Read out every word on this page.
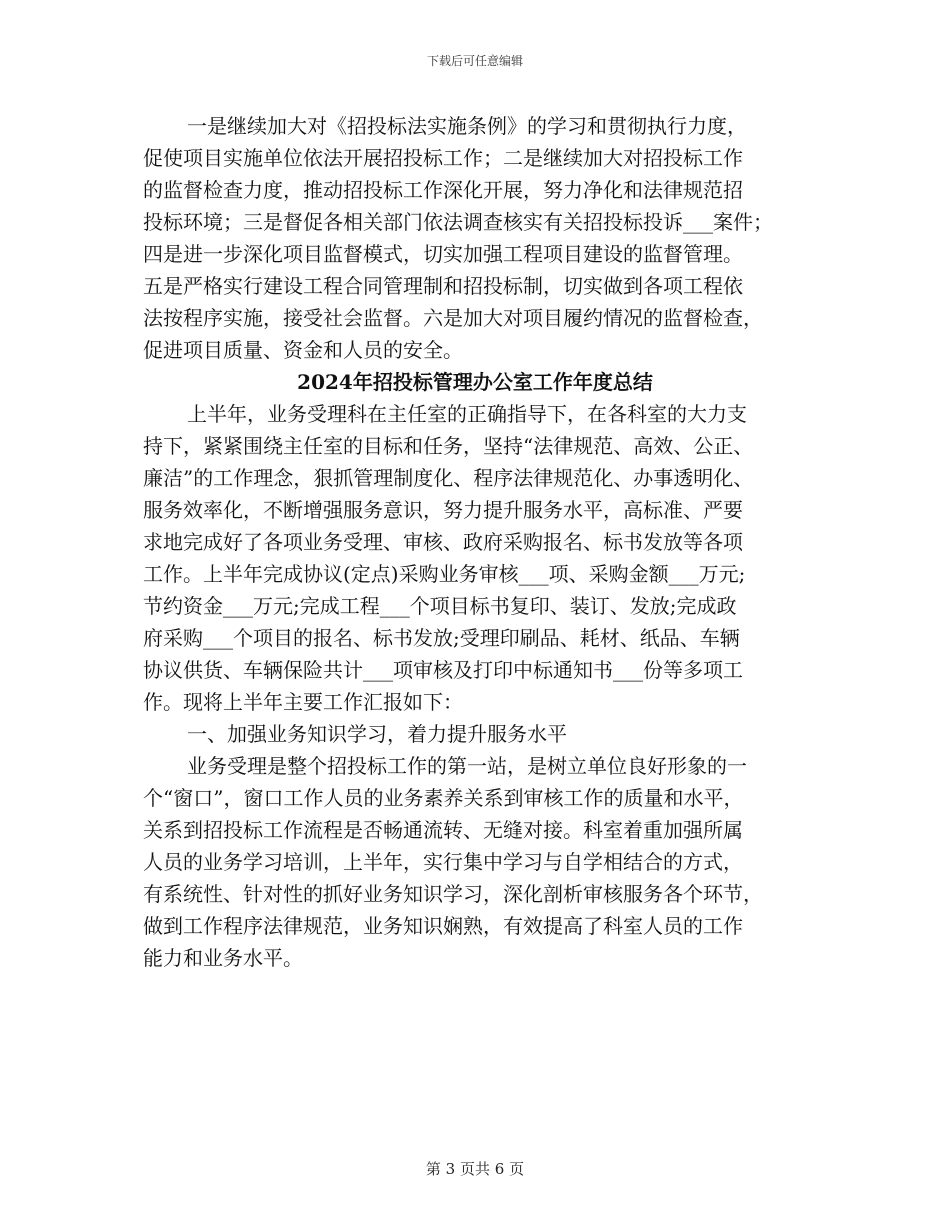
下载后可任意编辑
一是继续加大对《招投标法实施条例》的学习和贯彻执行力度，
促使项目实施单位依法开展招投标工作；二是继续加大对招投标工作
的监督检查力度，推动招投标工作深化开展，努力净化和法律规范招
投标环境；三是督促各相关部门依法调查核实有关招投标投诉___案件；
四是进一步深化项目监督模式，切实加强工程项目建设的监督管理。
五是严格实行建设工程合同管理制和招投标制，切实做到各项工程依
法按程序实施，接受社会监督。六是加大对项目履约情况的监督检查，
促进项目质量、资金和人员的安全。
2024年招投标管理办公室工作年度总结
上半年，业务受理科在主任室的正确指导下，在各科室的大力支
持下，紧紧围绕主任室的目标和任务，坚持“法律规范、高效、公正、
廉洁”的工作理念，狠抓管理制度化、程序法律规范化、办事透明化、
服务效率化，不断增强服务意识，努力提升服务水平，高标准、严要
求地完成好了各项业务受理、审核、政府采购报名、标书发放等各项
工作。上半年完成协议(定点)采购业务审核___项、采购金额___万元;
节约资金___万元;完成工程___个项目标书复印、装订、发放;完成政
府采购___个项目的报名、标书发放;受理印刷品、耗材、纸品、车辆
协议供货、车辆保险共计___项审核及打印中标通知书___份等多项工
作。现将上半年主要工作汇报如下：
一、加强业务知识学习，着力提升服务水平
业务受理是整个招投标工作的第一站，是树立单位良好形象的一
个“窗口”，窗口工作人员的业务素养关系到审核工作的质量和水平，
关系到招投标工作流程是否畅通流转、无缝对接。科室着重加强所属
人员的业务学习培训，上半年，实行集中学习与自学相结合的方式，
有系统性、针对性的抓好业务知识学习，深化剖析审核服务各个环节，
做到工作程序法律规范，业务知识娴熟，有效提高了科室人员的工作
能力和业务水平。
第 3 页共 6 页
